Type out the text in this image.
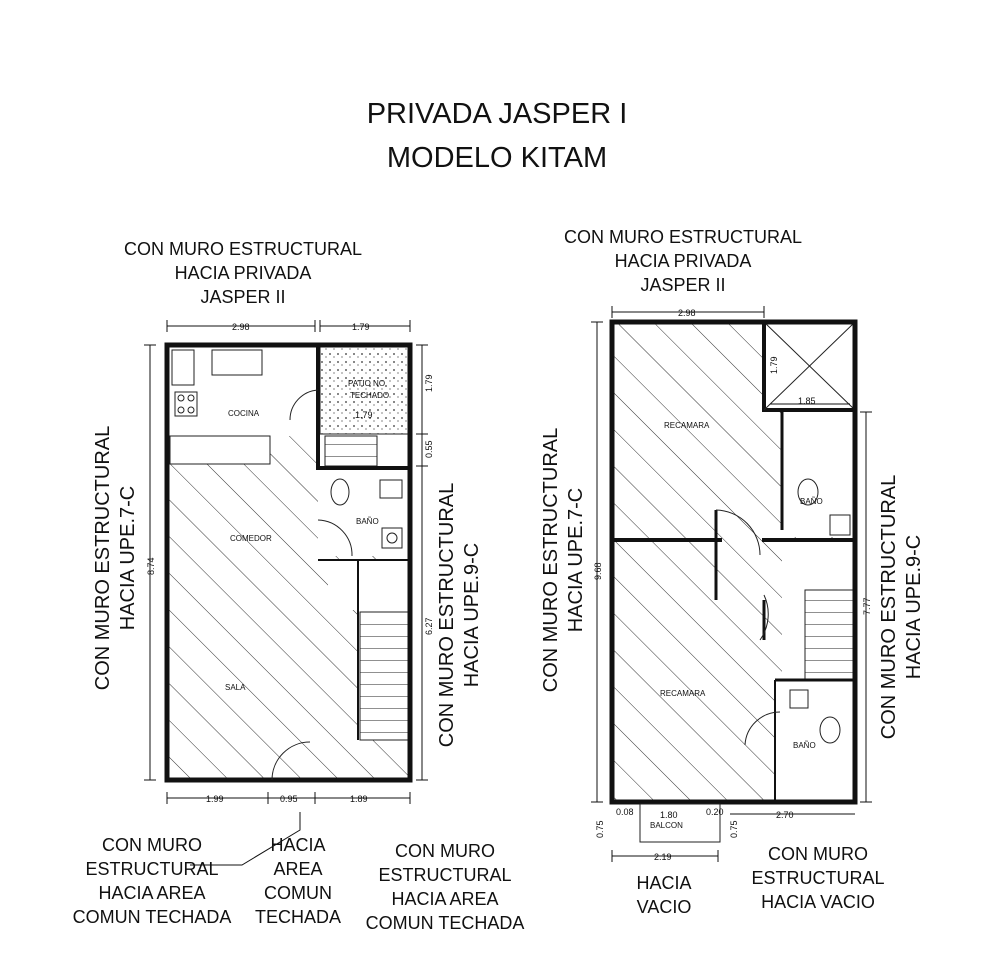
PRIVADA JASPER I
MODELO KITAM
CON MURO ESTRUCTURAL
HACIA PRIVADA
JASPER II
CON MURO ESTRUCTURAL HACIA UPE.7-C	CON MURO ESTRUCTURAL HACIA UPE.9-C
CON MURO
ESTRUCTURAL
HACIA AREA
COMUN TECHADA
HACIA
AREA
COMUN
TECHADA
CON MURO
ESTRUCTURAL
HACIA AREA
COMUN TECHADA
CON MURO ESTRUCTURAL
HACIA PRIVADA
JASPER II
CON MURO ESTRUCTURAL HACIA UPE.7-C	CON MURO ESTRUCTURAL HACIA UPE.9-C
HACIA
VACIO
CON MURO
ESTRUCTURAL
HACIA VACIO
2.98	1.79
8.74
1.79
0.55
6.27
1.99	0.95	1.89
1.79
COCINA
COMEDOR
SALA
BAÑO
PATIO NO
TECHADO
2.98
9.68
1.79
1.85
7.77
2.70
1.80
0.75	0.75
2.19
0.08	0.20
RECAMARA
RECAMARA
BAÑO
BAÑO
BALCON
